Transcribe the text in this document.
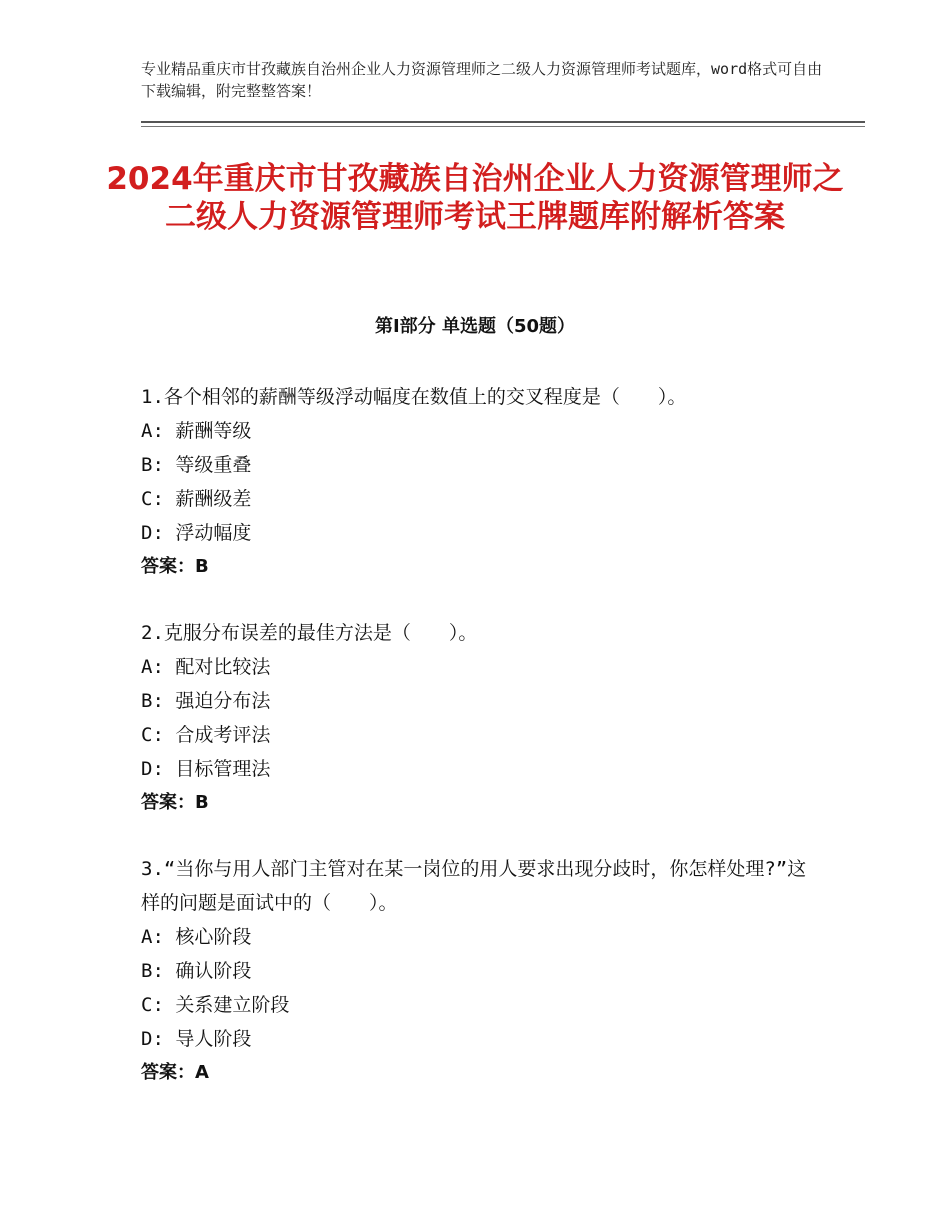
专业精品重庆市甘孜藏族自治州企业人力资源管理师之二级人力资源管理师考试题库，word格式可自由下载编辑，附完整整答案！
2024年重庆市甘孜藏族自治州企业人力资源管理师之二级人力资源管理师考试王牌题库附解析答案
第Ⅰ部分 单选题（50题）

1.各个相邻的薪酬等级浮动幅度在数值上的交叉程度是（　　）。

A: 薪酬等级

B: 等级重叠

C: 薪酬级差

D: 浮动幅度

答案：B

2.克服分布误差的最佳方法是（　　）。

A: 配对比较法

B: 强迫分布法

C: 合成考评法

D: 目标管理法

答案：B

3.“当你与用人部门主管对在某一岗位的用人要求出现分歧时，你怎样处理?”这样的问题是面试中的（　　）。

A: 核心阶段

B: 确认阶段

C: 关系建立阶段

D: 导人阶段

答案：A
